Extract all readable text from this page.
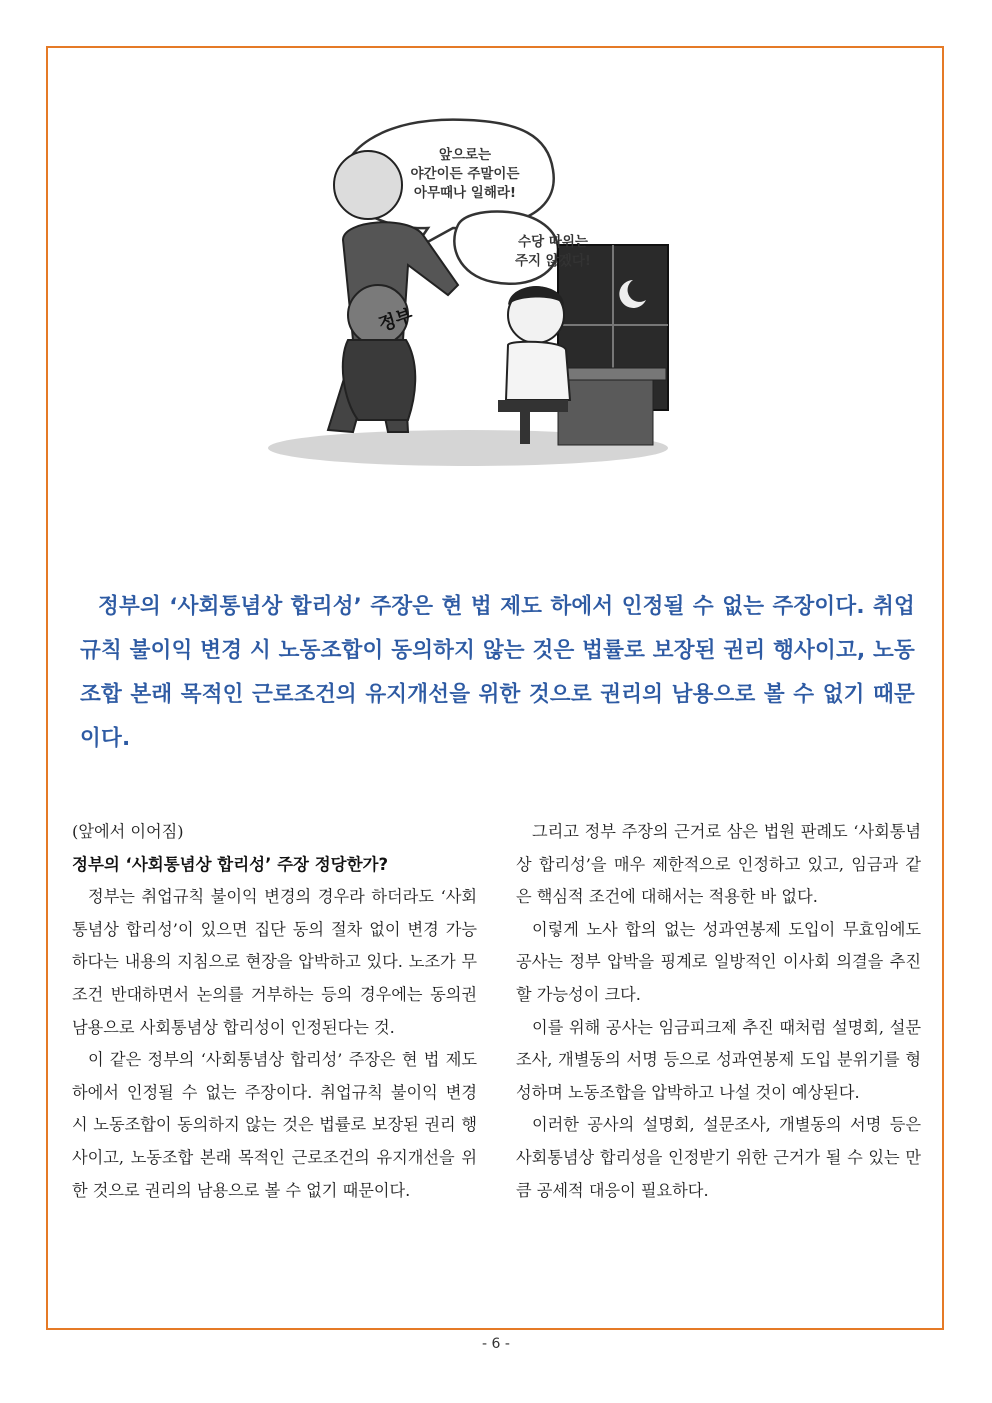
앞으로는
야간이든 주말이든
아무때나 일해라!
수당 따위는
주지 않겠다!
정부
정부의 ‘사회통념상 합리성’ 주장은 현 법 제도 하에서 인정될 수 없는 주장이다. 취업규칙 불이익 변경 시 노동조합이 동의하지 않는 것은 법률로 보장된 권리 행사이고, 노동조합 본래 목적인 근로조건의 유지개선을 위한 것으로 권리의 남용으로 볼 수 없기 때문이다.

(앞에서 이어짐)

정부의 ‘사회통념상 합리성’ 주장 정당한가?

정부는 취업규칙 불이익 변경의 경우라 하더라도 ‘사회통념상 합리성’이 있으면 집단 동의 절차 없이 변경 가능하다는 내용의 지침으로 현장을 압박하고 있다. 노조가 무조건 반대하면서 논의를 거부하는 등의 경우에는 동의권 남용으로 사회통념상 합리성이 인정된다는 것.

이 같은 정부의 ‘사회통념상 합리성’ 주장은 현 법 제도 하에서 인정될 수 없는 주장이다. 취업규칙 불이익 변경 시 노동조합이 동의하지 않는 것은 법률로 보장된 권리 행사이고, 노동조합 본래 목적인 근로조건의 유지개선을 위한 것으로 권리의 남용으로 볼 수 없기 때문이다.

그리고 정부 주장의 근거로 삼은 법원 판례도 ‘사회통념상 합리성’을 매우 제한적으로 인정하고 있고, 임금과 같은 핵심적 조건에 대해서는 적용한 바 없다.

이렇게 노사 합의 없는 성과연봉제 도입이 무효임에도 공사는 정부 압박을 핑계로 일방적인 이사회 의결을 추진할 가능성이 크다.

이를 위해 공사는 임금피크제 추진 때처럼 설명회, 설문조사, 개별동의 서명 등으로 성과연봉제 도입 분위기를 형성하며 노동조합을 압박하고 나설 것이 예상된다.

이러한 공사의 설명회, 설문조사, 개별동의 서명 등은 사회통념상 합리성을 인정받기 위한 근거가 될 수 있는 만큼 공세적 대응이 필요하다.

- 6 -
